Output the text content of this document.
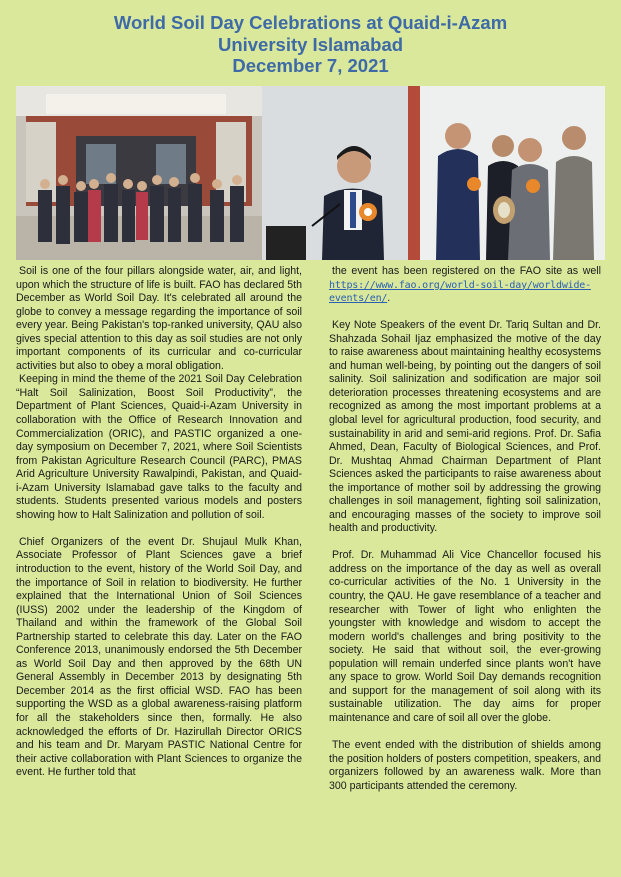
World Soil Day Celebrations at Quaid-i-Azam
University Islamabad
December 7, 2021

Soil is one of the four pillars alongside water, air, and light, upon which the structure of life is built. FAO has declared 5th December as World Soil Day. It's celebrated all around the globe to convey a message regarding the importance of soil every year. Being Pakistan's top-ranked university, QAU also gives special attention to this day as soil studies are not only important components of its curricular and co-curricular activities but also to obey a moral obligation.

Keeping in mind the theme of the 2021 Soil Day Celebration “Halt Soil Salinization, Boost Soil Productivity”, the Department of Plant Sciences, Quaid-i-Azam University in collaboration with the Office of Research Innovation and Commercialization (ORIC), and PASTIC organized a one-day symposium on December 7, 2021, where Soil Scientists from Pakistan Agriculture Research Council (PARC), PMAS Arid Agriculture University Rawalpindi, Pakistan, and Quaid-i-Azam University Islamabad gave talks to the faculty and students. Students presented various models and posters showing how to Halt Salinization and pollution of soil.

Chief Organizers of the event Dr. Shujaul Mulk Khan, Associate Professor of Plant Sciences gave a brief introduction to the event, history of the World Soil Day, and the importance of Soil in relation to biodiversity. He further explained that the International Union of Soil Sciences (IUSS) 2002 under the leadership of the Kingdom of Thailand and within the framework of the Global Soil Partnership started to celebrate this day. Later on the FAO Conference 2013, unanimously endorsed the 5th December as World Soil Day and then approved by the 68th UN General Assembly in December 2013 by designating 5th December 2014 as the first official WSD. FAO has been supporting the WSD as a global awareness-raising platform for all the stakeholders since then, formally. He also acknowledged the efforts of Dr. Hazirullah Director ORICS and his team and Dr. Maryam PASTIC National Centre for their active collaboration with Plant Sciences to organize the event. He further told that

the event has been registered on the FAO site as well https://www.fao.org/world-soil-day/worldwide-events/en/.

Key Note Speakers of the event Dr. Tariq Sultan and Dr. Shahzada Sohail Ijaz emphasized the motive of the day to raise awareness about maintaining healthy ecosystems and human well-being, by pointing out the dangers of soil salinity. Soil salinization and sodification are major soil deterioration processes threatening ecosystems and are recognized as among the most important problems at a global level for agricultural production, food security, and sustainability in arid and semi-arid regions. Prof. Dr. Safia Ahmed, Dean, Faculty of Biological Sciences, and Prof. Dr. Mushtaq Ahmad Chairman Department of Plant Sciences asked the participants to raise awareness about the importance of mother soil by addressing the growing challenges in soil management, fighting soil salinization, and encouraging masses of the society to improve soil health and productivity.

Prof. Dr. Muhammad Ali Vice Chancellor focused his address on the importance of the day as well as overall co-curricular activities of the No. 1 University in the country, the QAU. He gave resemblance of a teacher and researcher with Tower of light who enlighten the youngster with knowledge and wisdom to accept the modern world's challenges and bring positivity to the society. He said that without soil, the ever-growing population will remain underfed since plants won't have any space to grow. World Soil Day demands recognition and support for the management of soil along with its sustainable utilization. The day aims for proper maintenance and care of soil all over the globe.

The event ended with the distribution of shields among the position holders of posters competition, speakers, and organizers followed by an awareness walk. More than 300 participants attended the ceremony.
